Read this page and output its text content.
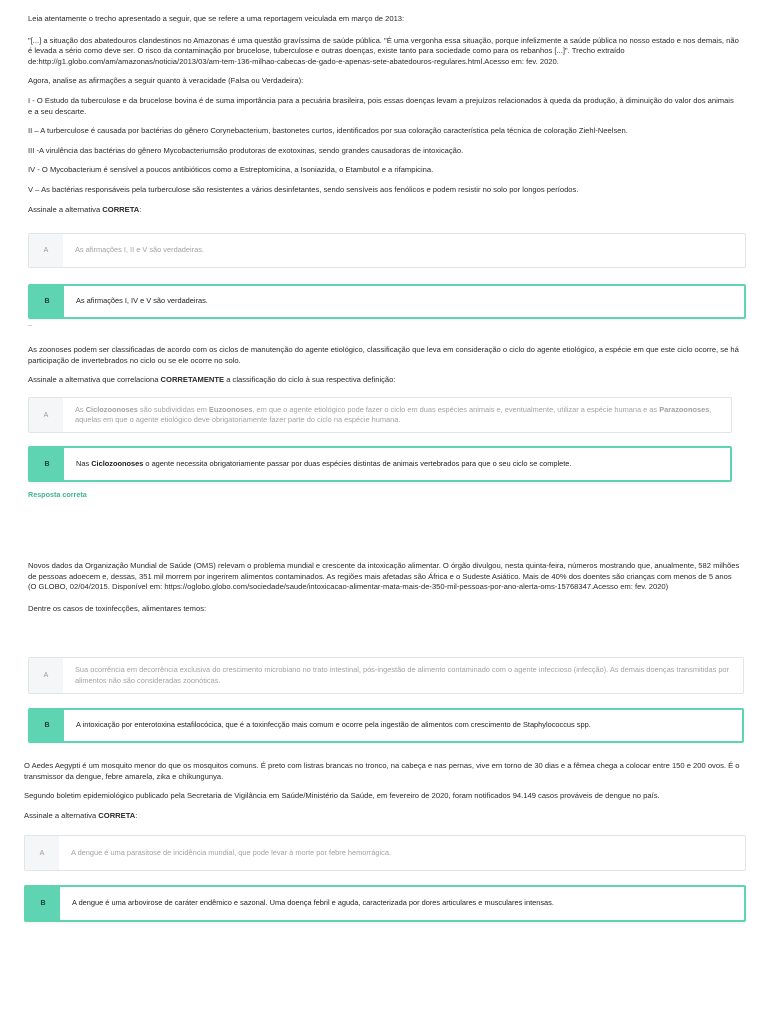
Leia atentamente o trecho apresentado a seguir, que se refere a uma reportagem veiculada em março de 2013:

"[...] a situação dos abatedouros clandestinos no Amazonas é uma questão gravíssima de saúde pública. "É uma vergonha essa situação, porque infelizmente a saúde pública no nosso estado e nos demais, não é levada a sério como deve ser. O risco da contaminação por brucelose, tuberculose e outras doenças, existe tanto para sociedade como para os rebanhos [...]". Trecho extraído de:http://g1.globo.com/am/amazonas/noticia/2013/03/am-tem-136-milhao-cabecas-de-gado-e-apenas-sete-abatedouros-regulares.html.Acesso em: fev. 2020.

Agora, analise as afirmações a seguir quanto à veracidade (Falsa ou Verdadeira):

I - O Estudo da tuberculose e da brucelose bovina é de suma importância para a pecuária brasileira, pois essas doenças levam a prejuízos relacionados à queda da produção, à diminuição do valor dos animais e a seu descarte.

II – A turberculose é causada por bactérias do gênero Corynebacterium, bastonetes curtos, identificados por sua coloração característica pela técnica de coloração Ziehl-Neelsen.

III -A virulência das bactérias do gênero Mycobacteriumsão produtoras de exotoxinas, sendo grandes causadoras de intoxicação.

IV - O Mycobacterium é sensível a poucos antibióticos como a Estreptomicina, a Isoniazida, o Etambutol e a rifampicina.

V – As bactérias responsáveis pela turberculose são resistentes a vários desinfetantes, sendo sensíveis aos fenólicos e podem resistir no solo por longos períodos.

Assinale a alternativa CORRETA:

A	As afirmações I, II e V são verdadeiras.
B	As afirmações I, IV e V são verdadeiras.
–

As zoonoses podem ser classificadas de acordo com os ciclos de manutenção do agente etiológico, classificação que leva em consideração o ciclo do agente etiológico, a espécie em que este ciclo ocorre, se há participação de invertebrados no ciclo ou se ele ocorre no solo.

Assinale a alternativa que correlaciona CORRETAMENTE a classificação do ciclo à sua respectiva definição:

A
As Ciclozoonoses são subdivididas em Euzoonoses, em que o agente etiológico pode fazer o ciclo em duas espécies animais e, eventualmente, utilizar a espécie humana e as Parazoonoses, aquelas em que o agente etiológico deve obrigatoriamente fazer parte do ciclo na espécie humana.
B	Nas Ciclozoonoses o agente necessita obrigatoriamente passar por duas espécies distintas de animais vertebrados para que o seu ciclo se complete.
Resposta correta

Novos dados da Organização Mundial de Saúde (OMS) relevam o problema mundial e crescente da intoxicação alimentar. O órgão divulgou, nesta quinta-feira, números mostrando que, anualmente, 582 milhões de pessoas adoecem e, dessas, 351 mil morrem por ingerirem alimentos contaminados. As regiões mais afetadas são África e o Sudeste Asiático. Mais de 40% dos doentes são crianças com menos de 5 anos (O GLOBO, 02/04/2015. Disponível em: https://oglobo.globo.com/sociedade/saude/intoxicacao-alimentar-mata-mais-de-350-mil-pessoas-por-ano-alerta-oms-15768347.Acesso em: fev. 2020)

Dentre os casos de toxinfecções, alimentares temos:

A
Sua ocorrência em decorrência exclusiva do crescimento microbiano no trato intestinal, pós-ingestão de alimento contaminado com o agente infeccioso (infecção). As demais doenças transmitidas por alimentos não são consideradas zoonóticas.
B	A intoxicação por enterotoxina estafilocócica, que é a toxinfecção mais comum e ocorre pela ingestão de alimentos com crescimento de Staphylococcus spp.

O Aedes Aegypti é um mosquito menor do que os mosquitos comuns. É preto com listras brancas no tronco, na cabeça e nas pernas, vive em torno de 30 dias e a fêmea chega a colocar entre 150 e 200 ovos. É o transmissor da dengue, febre amarela, zika e chikungunya.

Segundo boletim epidemiológico publicado pela Secretaria de Vigilância em Saúde/Ministério da Saúde, em fevereiro de 2020, foram notificados 94.149 casos prováveis de dengue no país.

Assinale a alternativa CORRETA:

A	A dengue é uma parasitose de incidência mundial, que pode levar à morte por febre hemorrágica.
B	A dengue é uma arbovirose de caráter endêmico e sazonal. Uma doença febril e aguda, caracterizada por dores articulares e musculares intensas.
